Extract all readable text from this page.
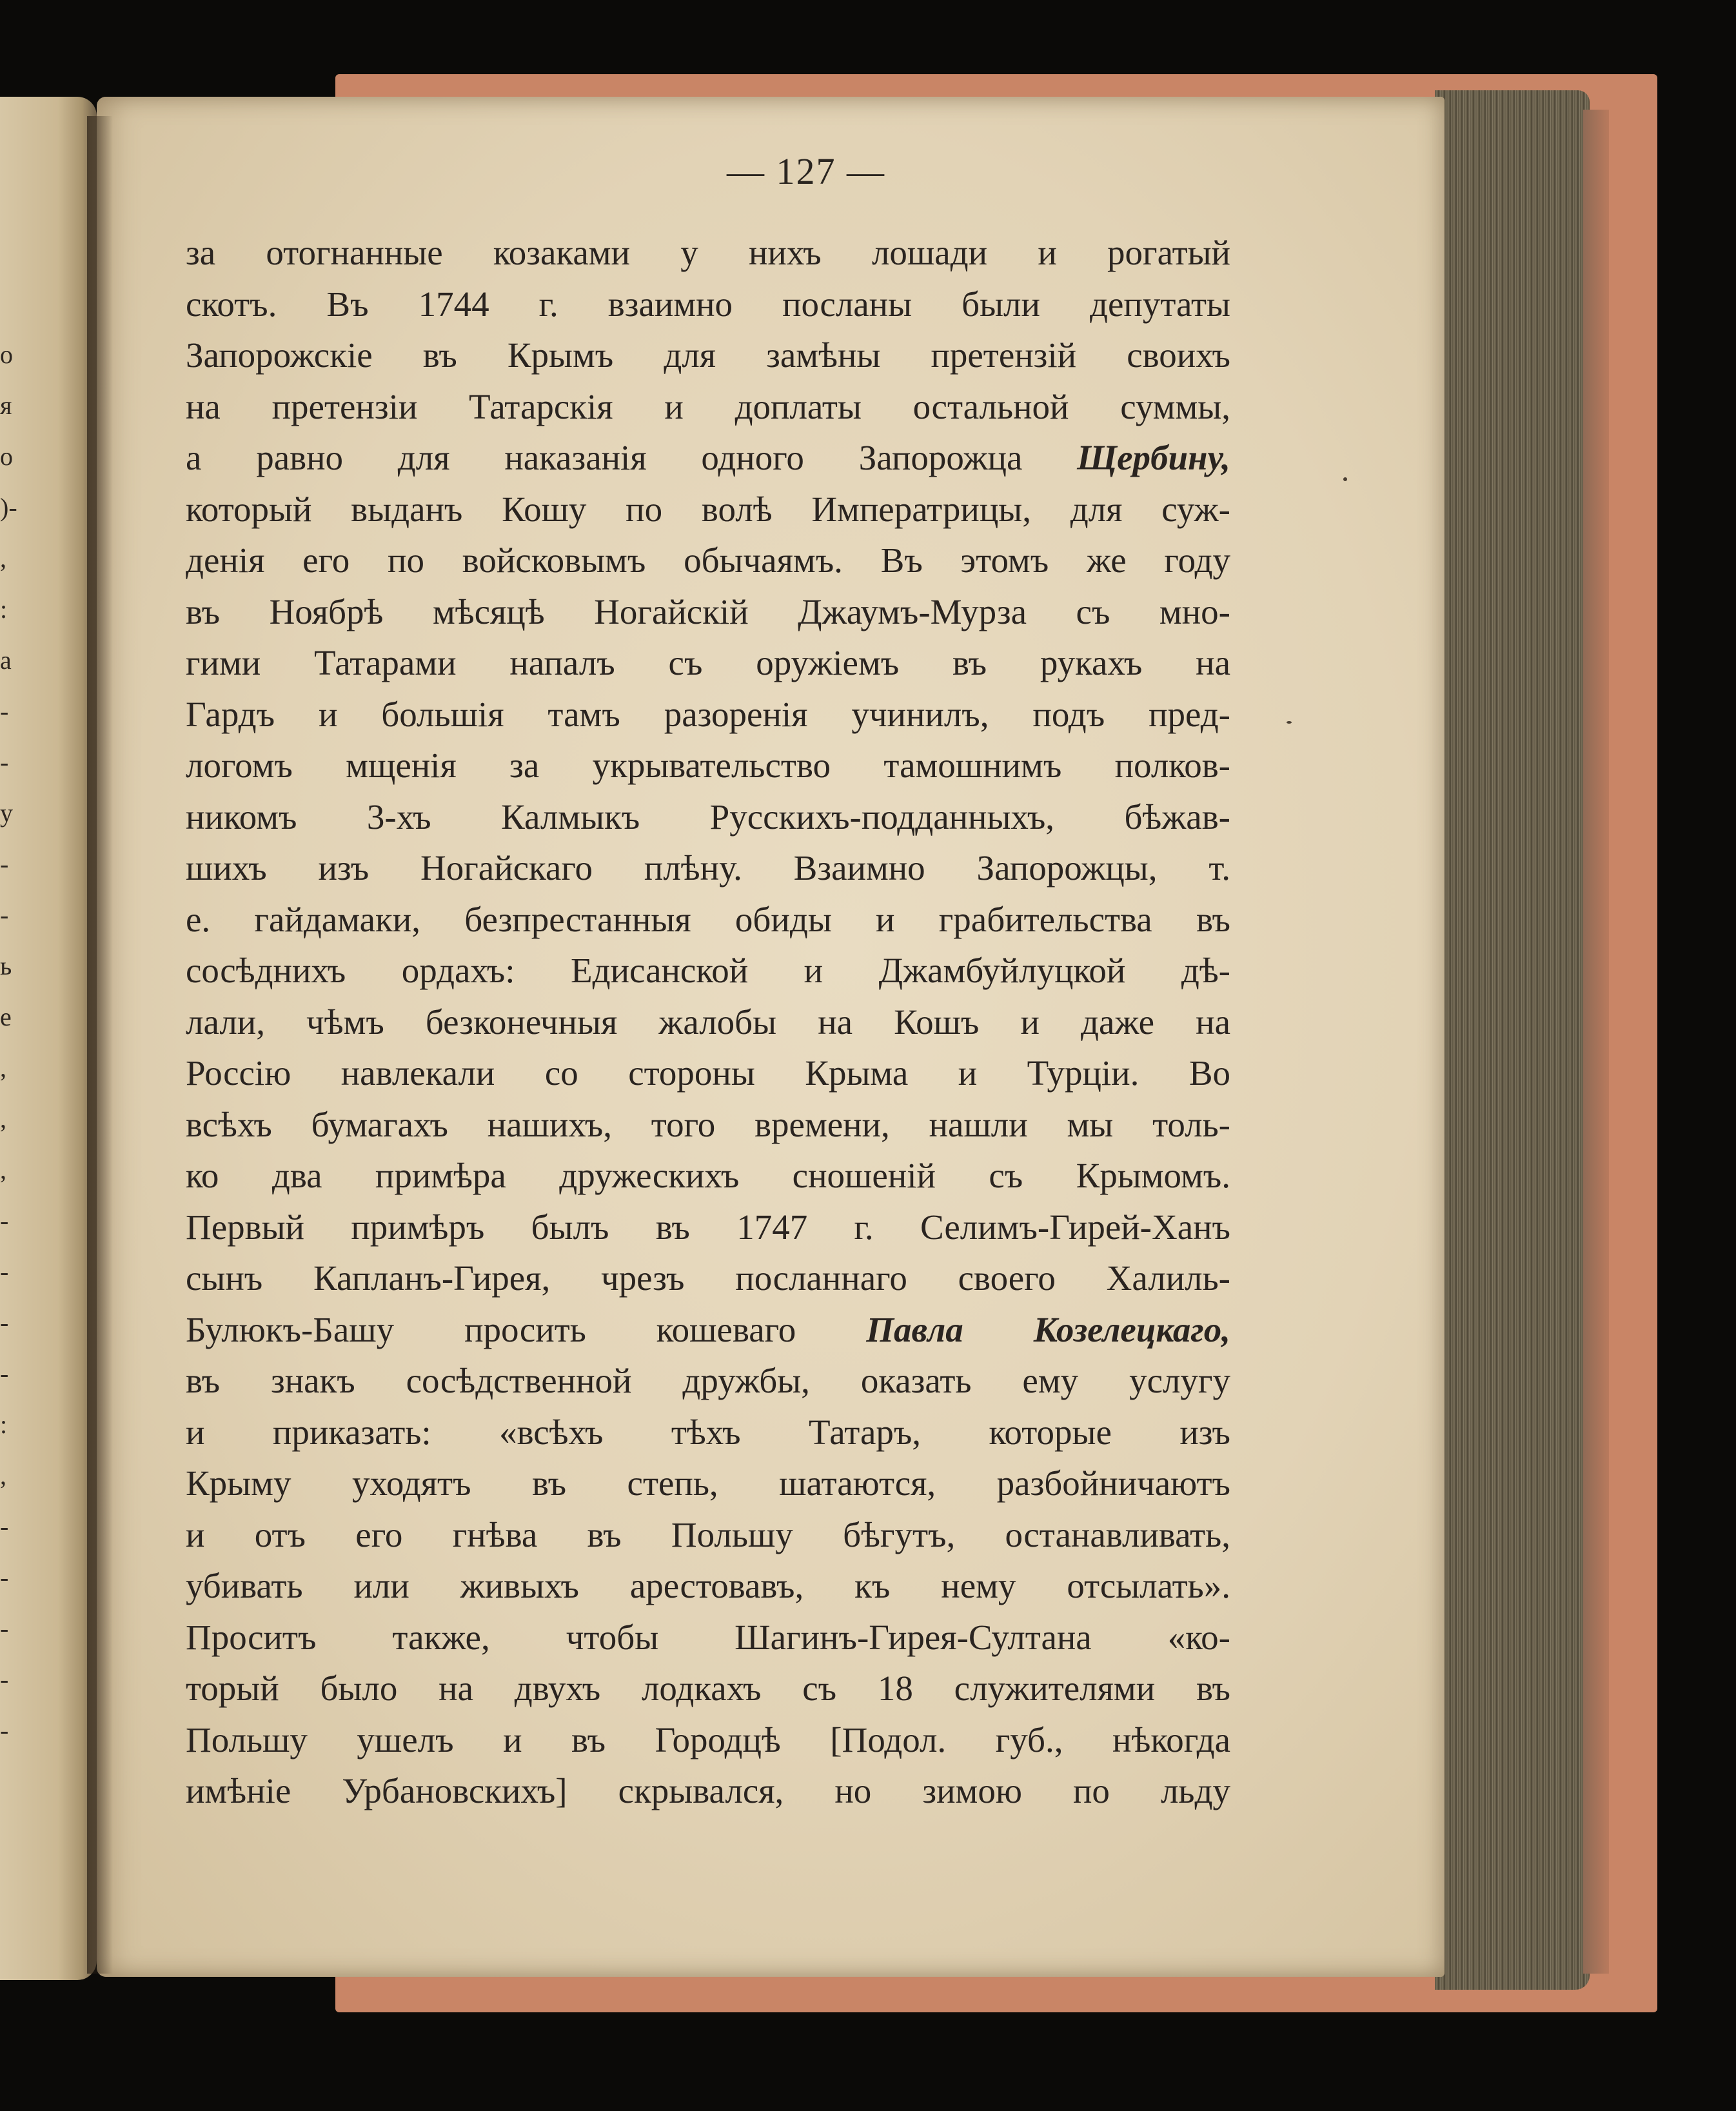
о
я
о
)-
,
:
a
-
-
у
-
-
ь
е
,
,
,
-
-
-
-
:
,
-
-
-
-
-
— 127 —
за отогнанные козаками у нихъ лошади и рогатый
скотъ. Въ 1744 г. взаимно посланы были депутаты
Запорожскіе въ Крымъ для замѣны претензій своихъ
на претензіи Татарскія и доплаты остальной суммы,
а равно для наказанія одного Запорожца Щербину,
который выданъ Кошу по волѣ Императрицы, для суж-
денія его по войсковымъ обычаямъ. Въ этомъ же году
въ Ноябрѣ мѣсяцѣ Ногайскій Джаумъ-Мурза съ мно-
гими Татарами напалъ съ оружіемъ въ рукахъ на
Гардъ и большія тамъ разоренія учинилъ, подъ пред-
логомъ мщенія за укрывательство тамошнимъ полков-
никомъ 3-хъ Калмыкъ Русскихъ-подданныхъ, бѣжав-
шихъ изъ Ногайскаго плѣну. Взаимно Запорожцы, т.
е. гайдамаки, безпрестанныя обиды и грабительства въ
сосѣднихъ ордахъ: Едисанской и Джамбуйлуцкой дѣ-
лали, чѣмъ безконечныя жалобы на Кошъ и даже на
Россію навлекали со стороны Крыма и Турціи. Во
всѣхъ бумагахъ нашихъ, того времени, нашли мы толь-
ко два примѣра дружескихъ сношеній съ Крымомъ.
Первый примѣръ былъ въ 1747 г. Селимъ-Гирей-Ханъ
сынъ Капланъ-Гирея, чрезъ посланнаго своего Халиль-
Булюкъ-Башу просить кошеваго Павла Козелецкаго,
въ знакъ сосѣдственной дружбы, оказать ему услугу
и приказать: «всѣхъ тѣхъ Татаръ, которые изъ
Крыму уходятъ въ степь, шатаются, разбойничаютъ
и отъ его гнѣва въ Польшу бѣгутъ, останавливать,
убивать или живыхъ арестовавъ, къ нему отсылать».
Проситъ также, чтобы Шагинъ-Гирея-Султана «ко-
торый было на двухъ лодкахъ съ 18 служителями въ
Польшу ушелъ и въ Городцѣ [Подол. губ., нѣкогда
имѣніе Урбановскихъ] скрывался, но зимою по льду
